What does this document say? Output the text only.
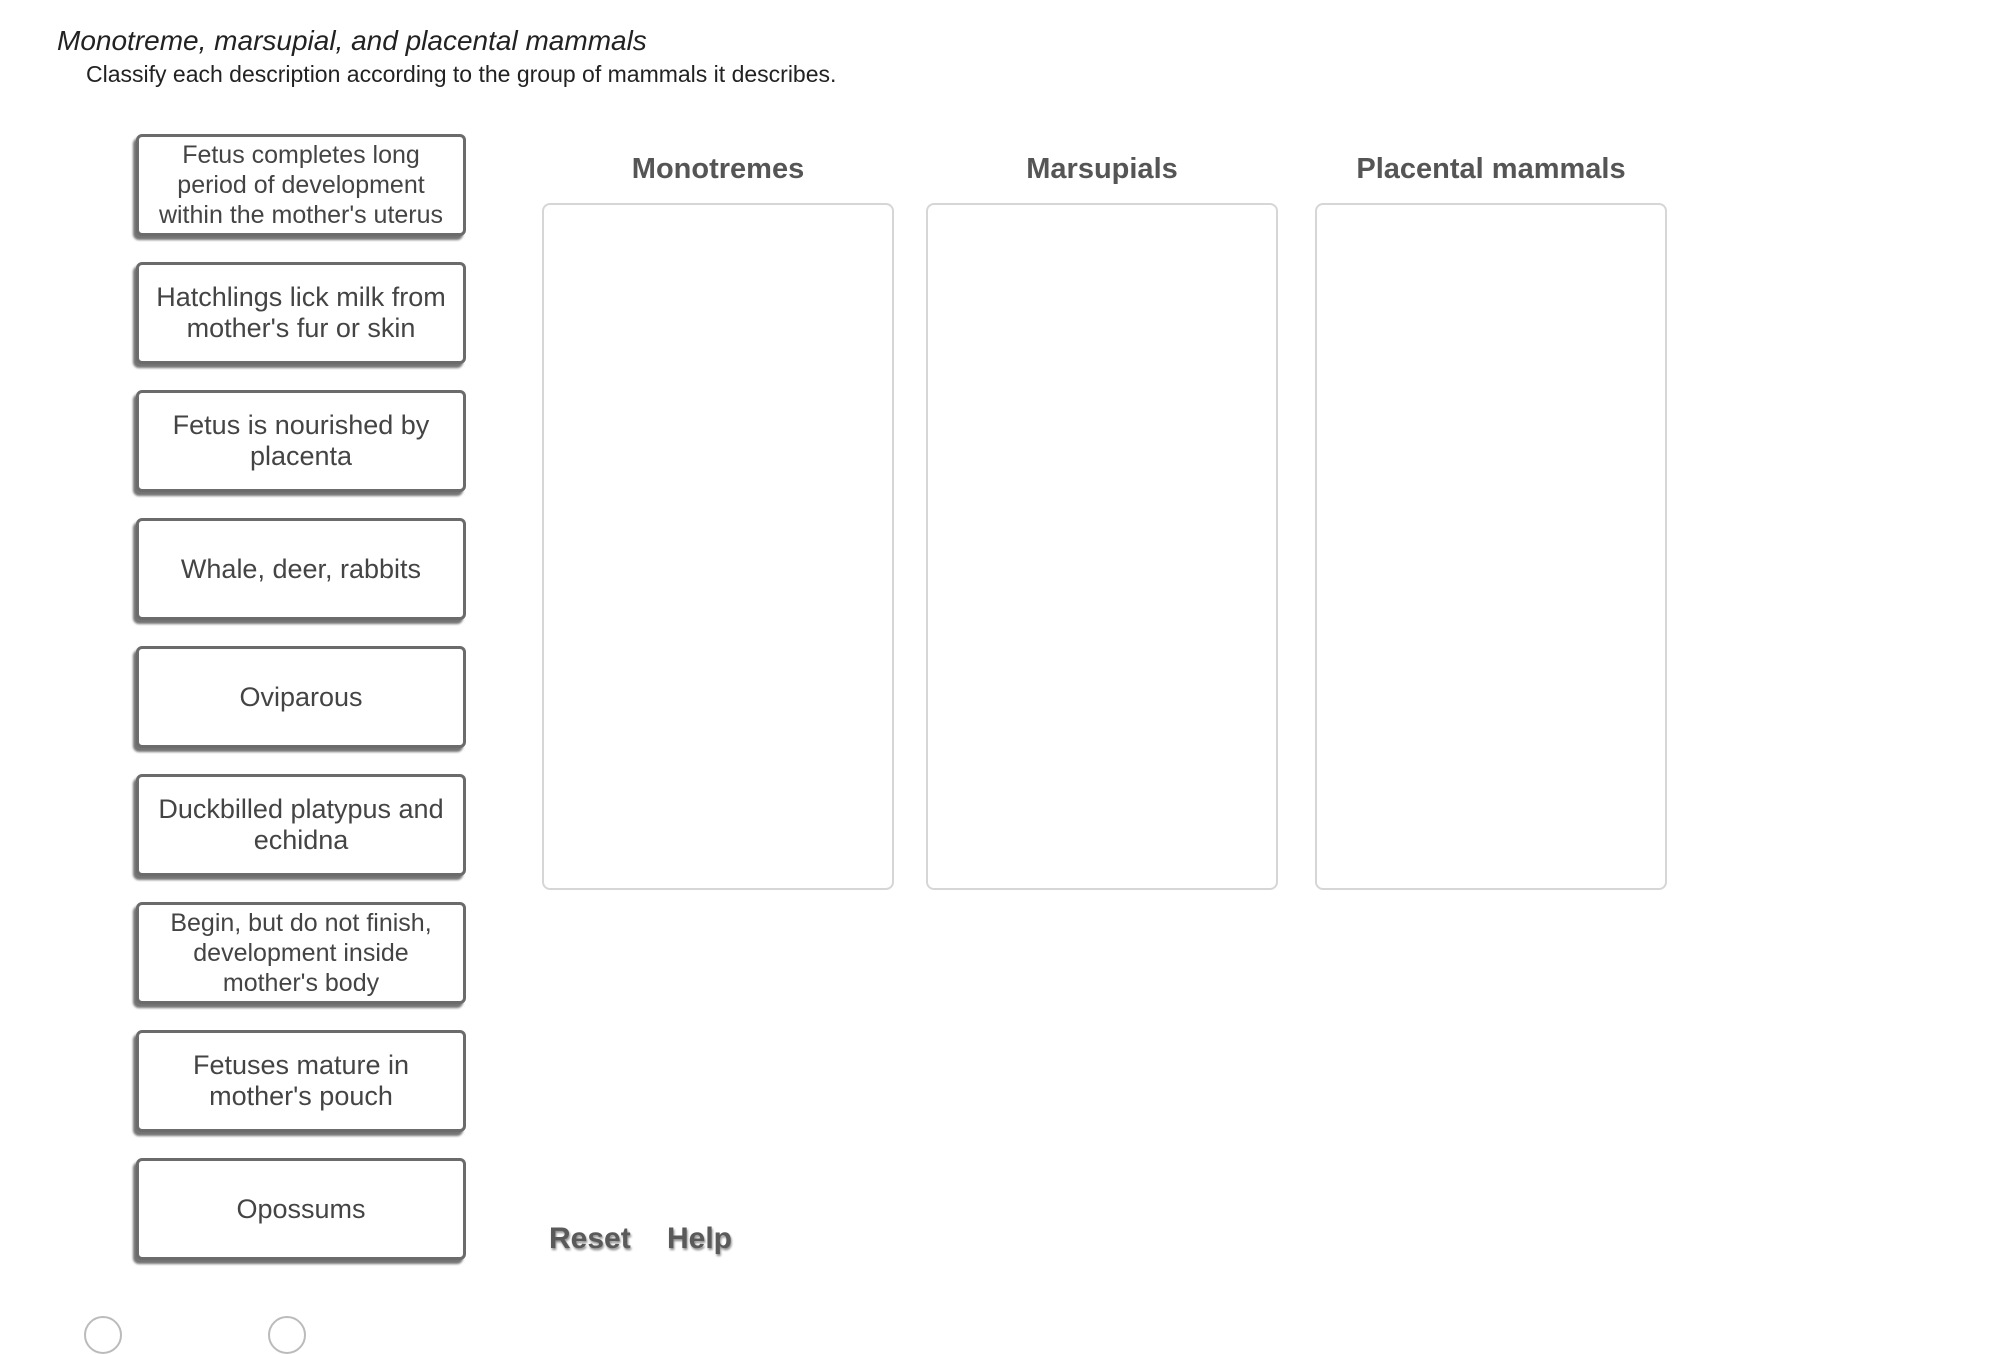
Monotreme, marsupial, and placental mammals
Classify each description according to the group of mammals it describes.
Fetus completes long period of development within the mother's uterus
Hatchlings lick milk from mother's fur or skin
Fetus is nourished by placenta
Whale, deer, rabbits
Oviparous
Duckbilled platypus and echidna
Begin, but do not finish, development inside mother's body
Fetuses mature in mother's pouch
Opossums
Monotremes	Marsupials	Placental mammals
Reset Help
